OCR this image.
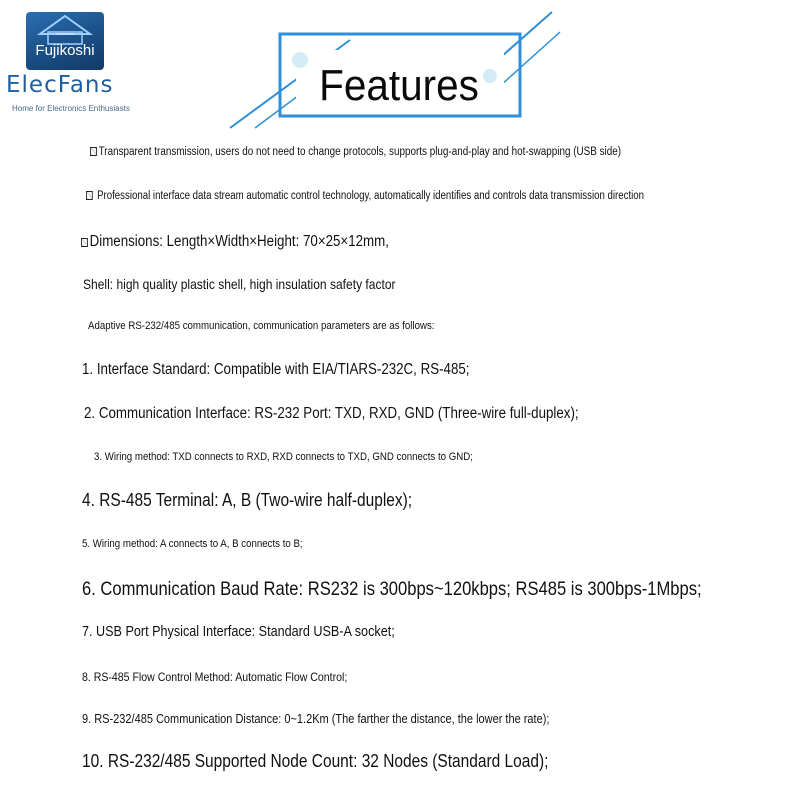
Fujikoshi
ElecFans
Home for Electronics Enthusiasts	Features
Transparent transmission, users do not need to change protocols, supports plug-and-play and hot-swapping (USB side)
Professional interface data stream automatic control technology, automatically identifies and controls data transmission direction
Dimensions: Length×Width×Height: 70×25×12mm,
Shell: high quality plastic shell, high insulation safety factor
Adaptive RS-232/485 communication, communication parameters are as follows:
1. Interface Standard: Compatible with EIA/TIARS-232C, RS-485;
2. Communication Interface: RS-232 Port: TXD, RXD, GND (Three-wire full-duplex);
3. Wiring method: TXD connects to RXD, RXD connects to TXD, GND connects to GND;
4. RS-485 Terminal: A, B (Two-wire half-duplex);
5. Wiring method: A connects to A, B connects to B;
6. Communication Baud Rate: RS232 is 300bps~120kbps; RS485 is 300bps-1Mbps;
7. USB Port Physical Interface: Standard USB-A socket;
8. RS-485 Flow Control Method: Automatic Flow Control;
9. RS-232/485 Communication Distance: 0~1.2Km (The farther the distance, the lower the rate);
10. RS-232/485 Supported Node Count: 32 Nodes (Standard Load);
